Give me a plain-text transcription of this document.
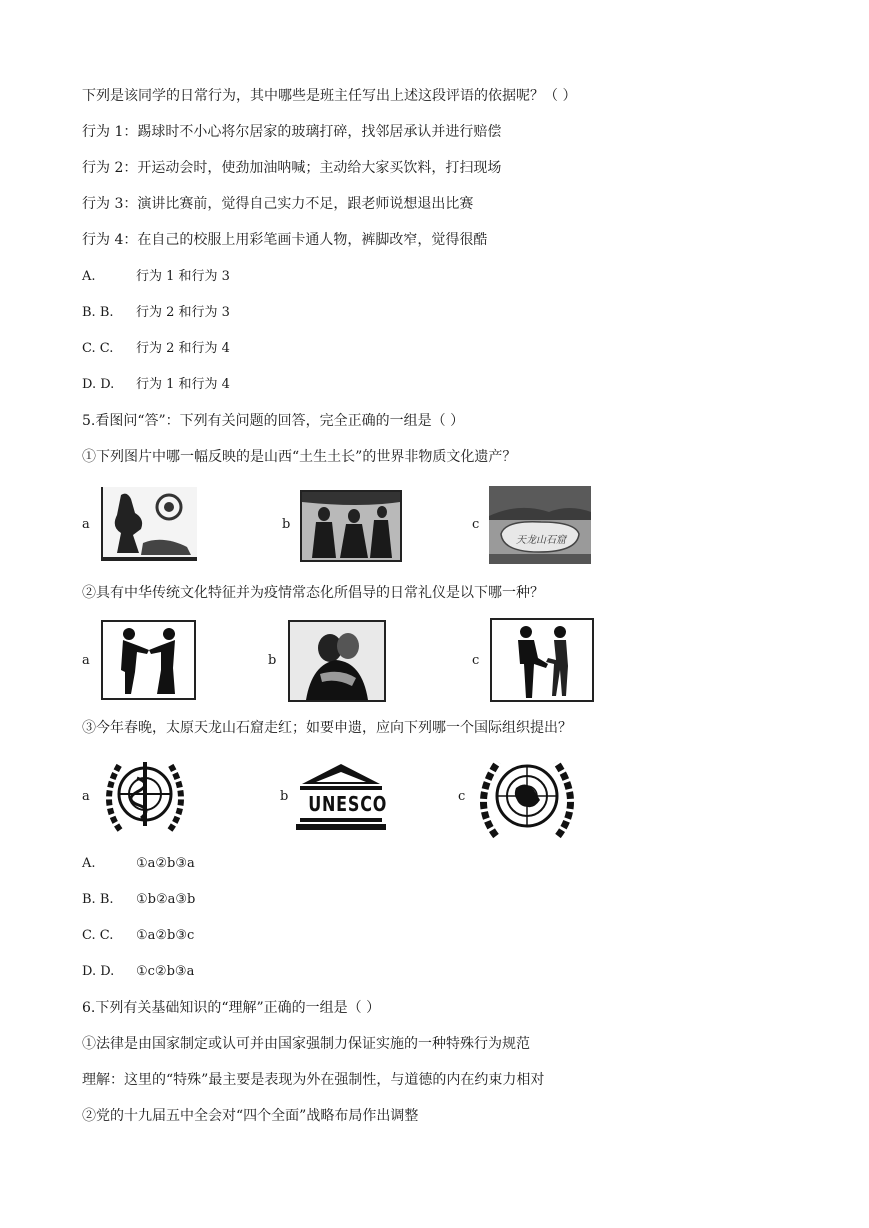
下列是该同学的日常行为，其中哪些是班主任写出上述这段评语的依据呢？（ ）
行为 1：踢球时不小心将尔居家的玻璃打碎，找邻居承认并进行赔偿
行为 2：开运动会时，使劲加油呐喊；主动给大家买饮料，打扫现场
行为 3：演讲比赛前，觉得自己实力不足，跟老师说想退出比赛
行为 4：在自己的校服上用彩笔画卡通人物，裤脚改窄，觉得很酷
A.	行为 1 和行为 3
B. B. 行为 2 和行为 3
C. C. 行为 2 和行为 4
D. D. 行为 1 和行为 4
5.看图问“答”：下列有关问题的回答，完全正确的一组是（ ）
①下列图片中哪一幅反映的是山西“土生土长”的世界非物质文化遗产？
a	b	c
天龙山石窟
②具有中华传统文化特征并为疫情常态化所倡导的日常礼仪是以下哪一种？
a	b	c
③今年春晚，太原天龙山石窟走红；如要申遗，应向下列哪一个国际组织提出？
a	b UNESCO	c
A.	①a②b③a
B. B. ①b②a③b
C. C. ①a②b③c
D. D. ①c②b③a
6.下列有关基础知识的“理解”正确的一组是（ ）
①法律是由国家制定或认可并由国家强制力保证实施的一种特殊行为规范
理解：这里的“特殊”最主要是表现为外在强制性，与道德的内在约束力相对
②党的十九届五中全会对“四个全面”战略布局作出调整
